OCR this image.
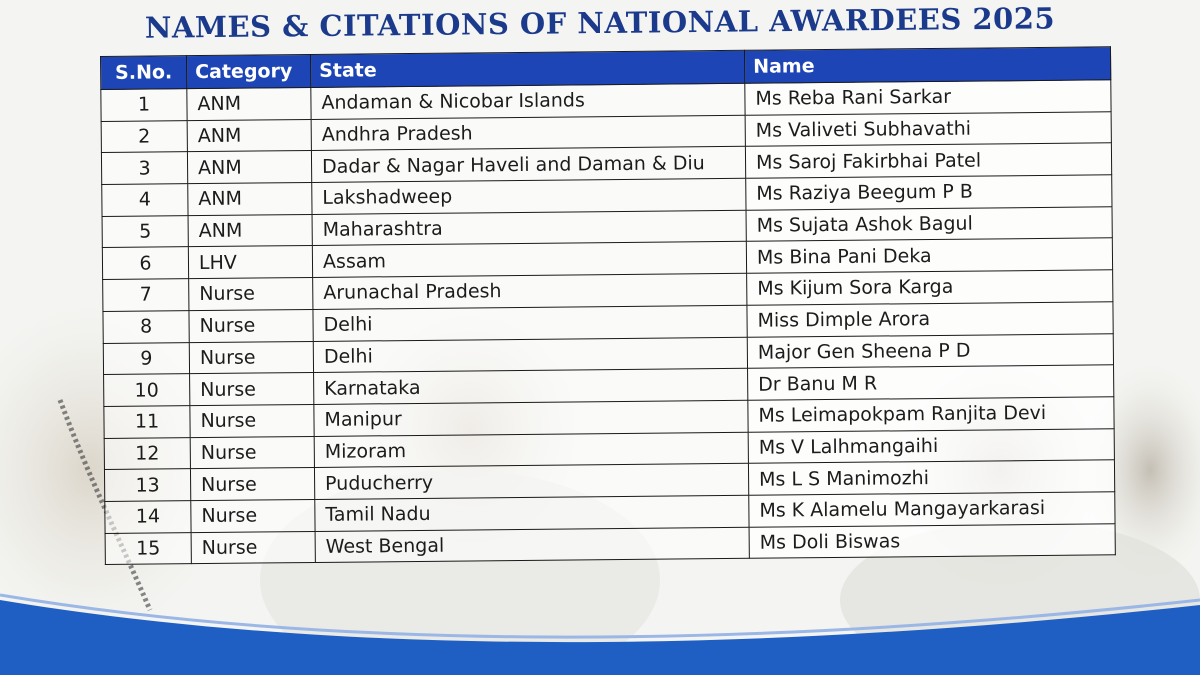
NAMES & CITATIONS OF NATIONAL AWARDEES 2025
S.No.	Category	State	Name
1	ANM	Andaman & Nicobar Islands	Ms Reba Rani Sarkar
2	ANM	Andhra Pradesh	Ms Valiveti Subhavathi
3	ANM	Dadar & Nagar Haveli and Daman & Diu	Ms Saroj Fakirbhai Patel
4	ANM	Lakshadweep	Ms Raziya Beegum P B
5	ANM	Maharashtra	Ms Sujata Ashok Bagul
6	LHV	Assam	Ms Bina Pani Deka
7	Nurse	Arunachal Pradesh	Ms Kijum Sora Karga
8	Nurse	Delhi	Miss Dimple Arora
9	Nurse	Delhi	Major Gen Sheena P D
10	Nurse	Karnataka	Dr Banu M R
11	Nurse	Manipur	Ms Leimapokpam Ranjita Devi
12	Nurse	Mizoram	Ms V Lalhmangaihi
13	Nurse	Puducherry	Ms L S Manimozhi
14	Nurse	Tamil Nadu	Ms K Alamelu Mangayarkarasi
15	Nurse	West Bengal	Ms Doli Biswas
